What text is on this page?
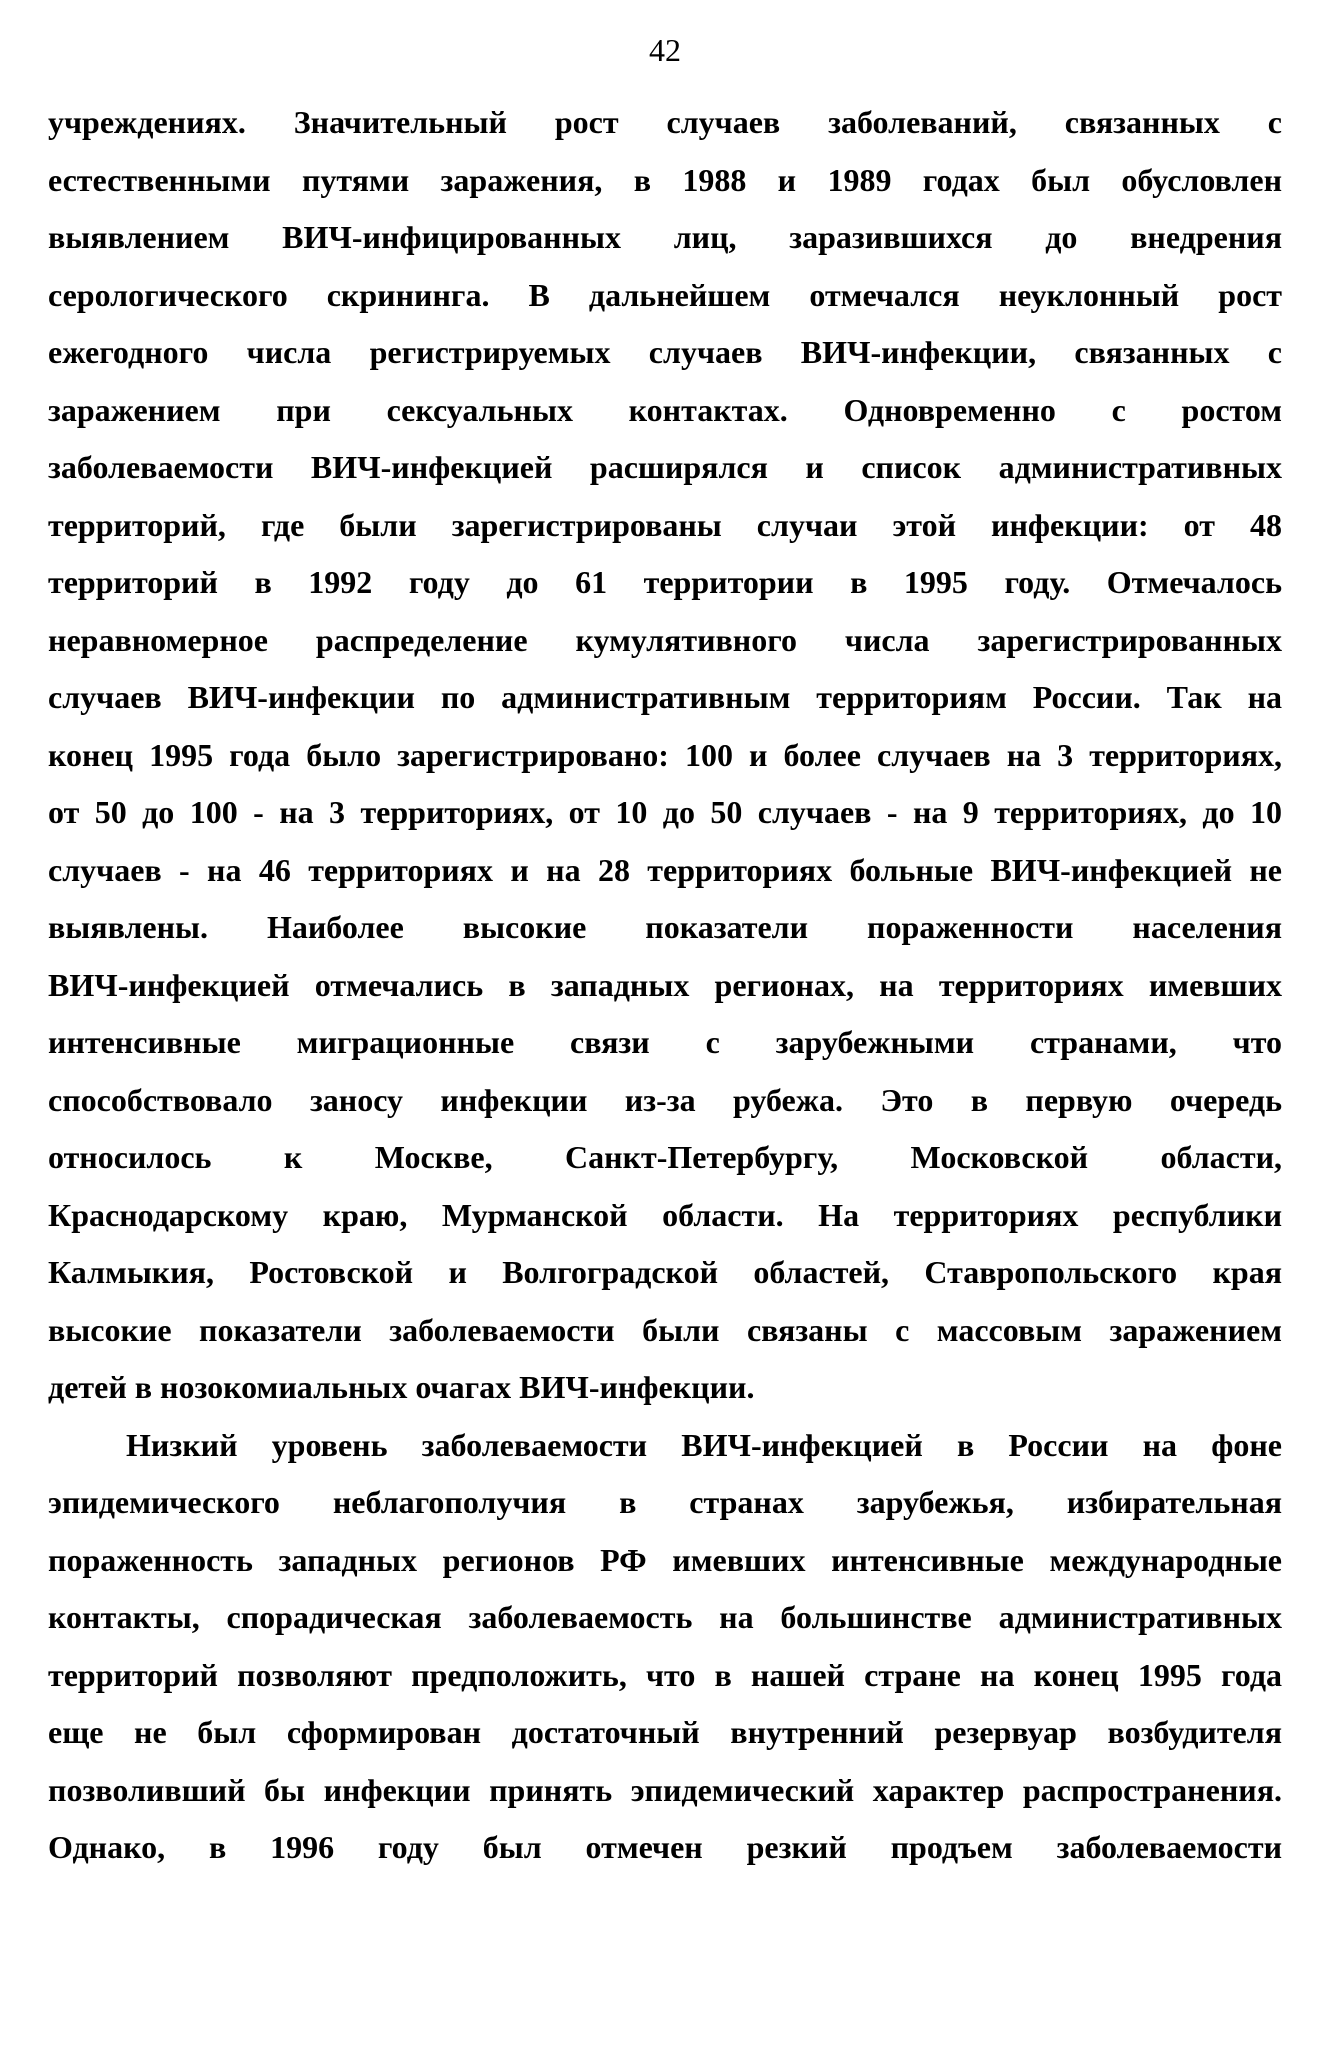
42
учреждениях. Значительный рост случаев заболеваний, связанных с
естественными путями заражения, в 1988 и 1989 годах был обусловлен
выявлением ВИЧ-инфицированных лиц, заразившихся до внедрения
серологического скрининга. В дальнейшем отмечался неуклонный рост
ежегодного числа регистрируемых случаев ВИЧ-инфекции, связанных с
заражением при сексуальных контактах. Одновременно с ростом
заболеваемости ВИЧ-инфекцией расширялся и список административных
территорий, где были зарегистрированы случаи этой инфекции: от 48
территорий в 1992 году до 61 территории в 1995 году. Отмечалось
неравномерное распределение кумулятивного числа зарегистрированных
случаев ВИЧ-инфекции по административным территориям России. Так на
конец 1995 года было зарегистрировано: 100 и более случаев на 3 территориях,
от 50 до 100 - на 3 территориях, от 10 до 50 случаев - на 9 территориях, до 10
случаев - на 46 территориях и на 28 территориях больные ВИЧ-инфекцией не
выявлены. Наиболее высокие показатели пораженности населения
ВИЧ-инфекцией отмечались в западных регионах, на территориях имевших
интенсивные миграционные связи с зарубежными странами, что
способствовало заносу инфекции из-за рубежа. Это в первую очередь
относилось к Москве, Санкт-Петербургу, Московской области,
Краснодарскому краю, Мурманской области. На территориях республики
Калмыкия, Ростовской и Волгоградской областей, Ставропольского края
высокие показатели заболеваемости были связаны с массовым заражением
детей в нозокомиальных очагах ВИЧ-инфекции.
Низкий уровень заболеваемости ВИЧ-инфекцией в России на фоне
эпидемического неблагополучия в странах зарубежья, избирательная
пораженность западных регионов РФ имевших интенсивные международные
контакты, спорадическая заболеваемость на большинстве административных
территорий позволяют предположить, что в нашей стране на конец 1995 года
еще не был сформирован достаточный внутренний резервуар возбудителя
позволивший бы инфекции принять эпидемический характер распространения.
Однако, в 1996 году был отмечен резкий продъем заболеваемости
